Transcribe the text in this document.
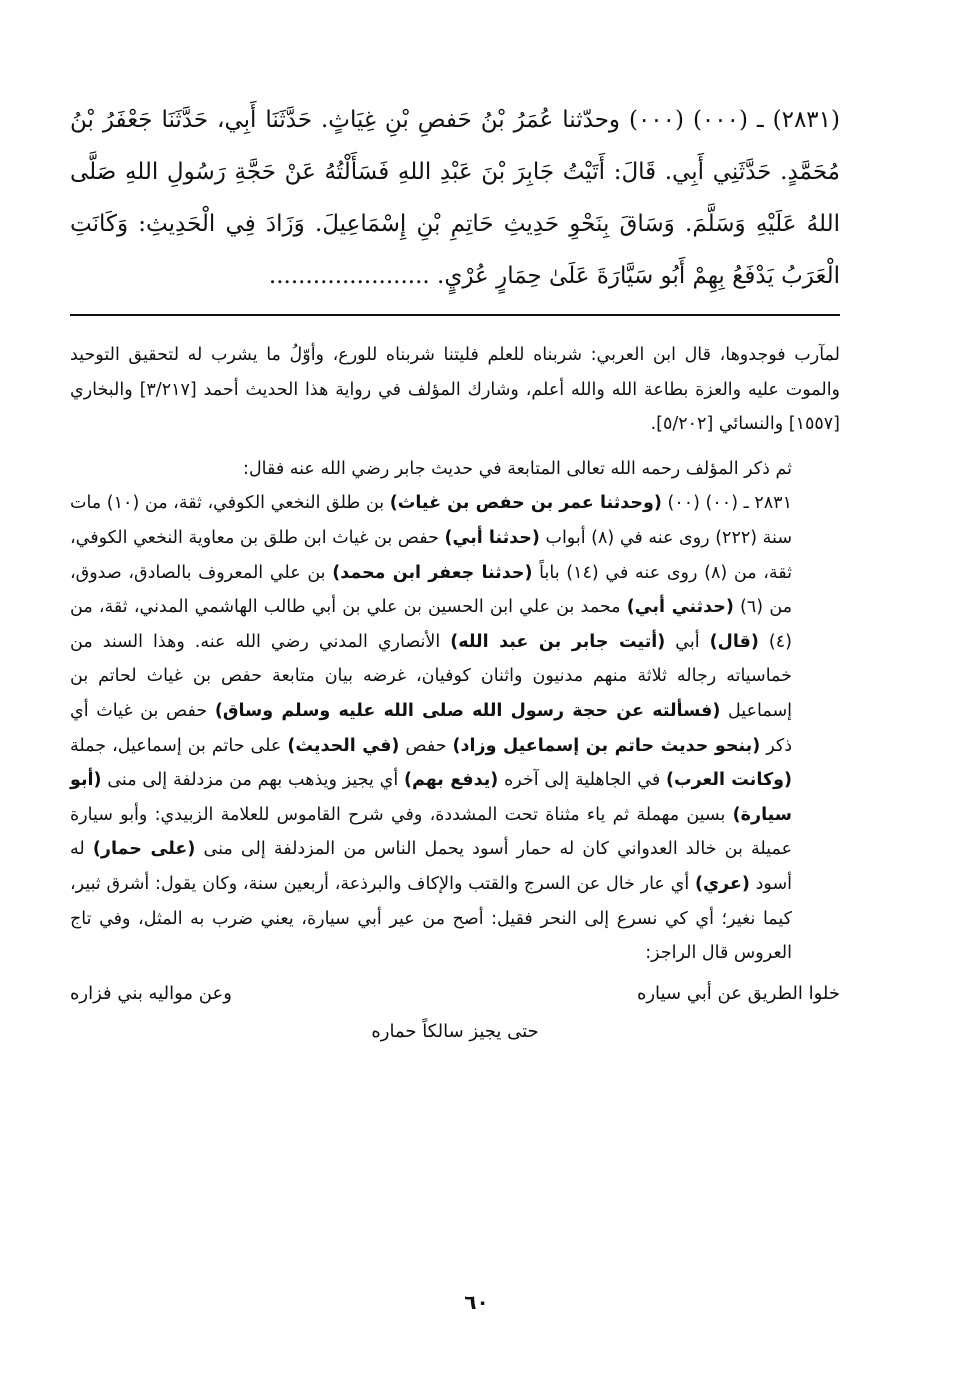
(٢٨٣١) ـ (٠٠٠) (٠٠٠) وحدّثنا عُمَرُ بْنُ حَفصِ بْنِ غِيَاثٍ. حَدَّثَنَا أَبِي، حَدَّثَنَا جَعْفَرُ بْنُ مُحَمَّدٍ. حَدَّثَنِي أَبِي. قَالَ: أَتَيْتُ جَابِرَ بْنَ عَبْدِ اللهِ فَسَأَلْتُهُ عَنْ حَجَّةِ رَسُولِ اللهِ صَلَّى اللهُ عَلَيْهِ وَسَلَّمَ. وَسَاقَ بِنَحْوِ حَدِيثِ حَاتِمِ بْنِ إِسْمَاعِيلَ. وَزَادَ فِي الْحَدِيثِ: وَكَانَتِ الْعَرَبُ يَدْفَعُ بِهِمْ أَبُو سَيَّارَةَ عَلَىٰ حِمَارٍ عُرْيٍ. ......................

لمآرب فوجدوها، قال ابن العربي: شربناه للعلم فليتنا شربناه للورع، وأوّلُ ما يشرب له لتحقيق التوحيد والموت عليه والعزة بطاعة الله والله أعلم، وشارك المؤلف في رواية هذا الحديث أحمد [٣/٢١٧] والبخاري [١٥٥٧] والنسائي [٥/٢٠٢].

ثم ذكر المؤلف رحمه الله تعالى المتابعة في حديث جابر رضي الله عنه فقال:

٢٨٣١ ـ (٠٠) (٠٠) (وحدثنا عمر بن حفص بن غياث) بن طلق النخعي الكوفي، ثقة، من (١٠) مات سنة (٢٢٢) روى عنه في (٨) أبواب (حدثنا أبي) حفص بن غياث ابن طلق بن معاوية النخعي الكوفي، ثقة، من (٨) روى عنه في (١٤) باباً (حدثنا جعفر ابن محمد) بن علي المعروف بالصادق، صدوق، من (٦) (حدثني أبي) محمد بن علي ابن الحسين بن علي بن أبي طالب الهاشمي المدني، ثقة، من (٤) (قال) أبي (أتيت جابر بن عبد الله) الأنصاري المدني رضي الله عنه. وهذا السند من خماسياته رجاله ثلاثة منهم مدنيون واثنان كوفيان، غرضه بيان متابعة حفص بن غياث لحاتم بن إسماعيل (فسألته عن حجة رسول الله صلى الله عليه وسلم وساق) حفص بن غياث أي ذكر (بنحو حديث حاتم بن إسماعيل وزاد) حفص (في الحديث) على حاتم بن إسماعيل، جملة (وكانت العرب) في الجاهلية إلى آخره (يدفع بهم) أي يجيز ويذهب بهم من مزدلفة إلى منى (أبو سيارة) بسين مهملة ثم ياء مثناة تحت المشددة، وفي شرح القاموس للعلامة الزبيدي: وأبو سيارة عميلة بن خالد العدواني كان له حمار أسود يحمل الناس من المزدلفة إلى منى (على حمار) له أسود (عري) أي عار خال عن السرج والقتب والإكاف والبرذعة، أربعين سنة، وكان يقول: أشرق ثبير، كيما نغير؛ أي كي نسرع إلى النحر فقيل: أصح من عير أبي سيارة، يعني ضرب به المثل، وفي تاج العروس قال الراجز:

خلوا الطريق عن أبي سياره
وعن مواليه بني فزاره
حتى يجيز سالكاً حماره
٦٠
